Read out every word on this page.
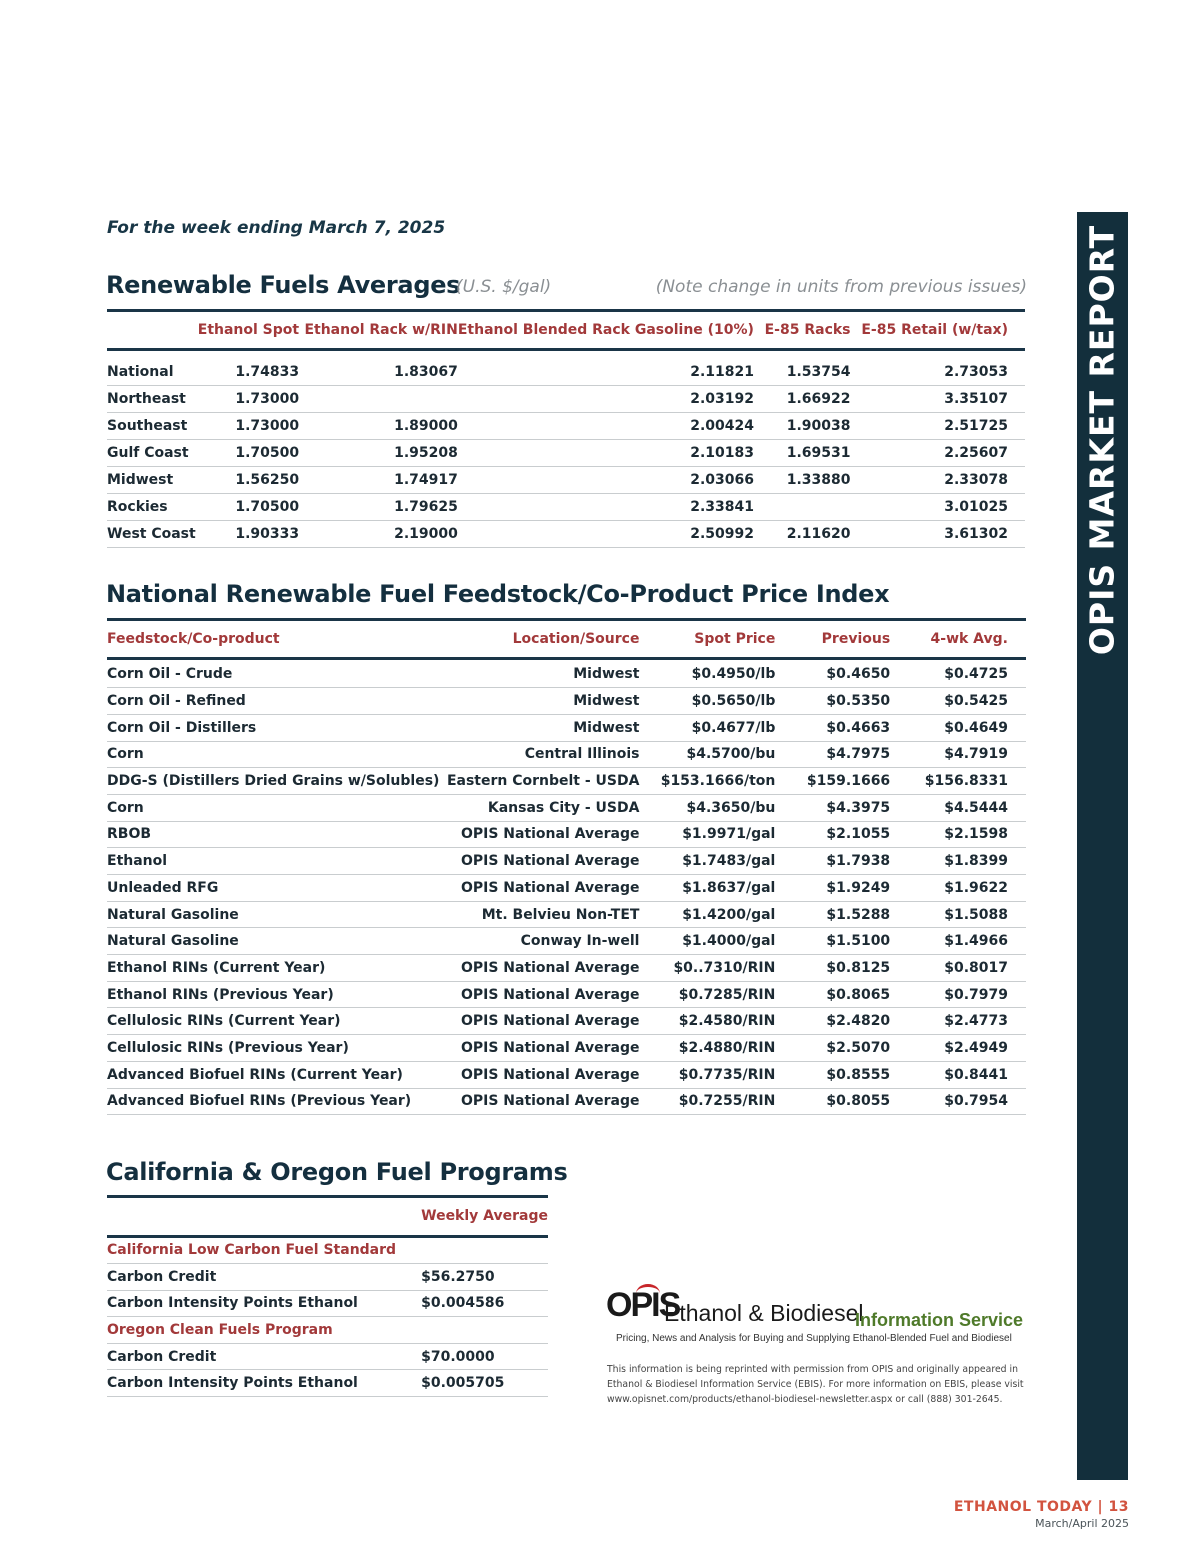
For the week ending March 7, 2025
Renewable Fuels Averages
(U.S. $/gal)	(Note change in units from previous issues)
	Ethanol Spot	Ethanol Rack w/RIN	Ethanol Blended Rack Gasoline (10%)	E-85 Racks	E-85 Retail (w/tax)

National	1.74833	1.83067	2.11821	1.53754	2.73053
Northeast	1.73000		2.03192	1.66922	3.35107
Southeast	1.73000	1.89000	2.00424	1.90038	2.51725
Gulf Coast	1.70500	1.95208	2.10183	1.69531	2.25607
Midwest	1.56250	1.74917	2.03066	1.33880	2.33078
Rockies	1.70500	1.79625	2.33841		3.01025
West Coast	1.90333	2.19000	2.50992	2.11620	3.61302
National Renewable Fuel Feedstock/Co-Product Price Index
Feedstock/Co-product	Location/Source	Spot Price	Previous	4-wk Avg.

Corn Oil - Crude	Midwest	$0.4950/lb	$0.4650	$0.4725
Corn Oil - Refined	Midwest	$0.5650/lb	$0.5350	$0.5425
Corn Oil - Distillers	Midwest	$0.4677/lb	$0.4663	$0.4649
Corn	Central Illinois	$4.5700/bu	$4.7975	$4.7919
DDG-S (Distillers Dried Grains w/Solubles)	Eastern Cornbelt - USDA	$153.1666/ton	$159.1666	$156.8331
Corn	Kansas City - USDA	$4.3650/bu	$4.3975	$4.5444
RBOB	OPIS National Average	$1.9971/gal	$2.1055	$2.1598
Ethanol	OPIS National Average	$1.7483/gal	$1.7938	$1.8399
Unleaded RFG	OPIS National Average	$1.8637/gal	$1.9249	$1.9622
Natural Gasoline	Mt. Belvieu Non-TET	$1.4200/gal	$1.5288	$1.5088
Natural Gasoline	Conway In-well	$1.4000/gal	$1.5100	$1.4966
Ethanol RINs (Current Year)	OPIS National Average	$0..7310/RIN	$0.8125	$0.8017
Ethanol RINs (Previous Year)	OPIS National Average	$0.7285/RIN	$0.8065	$0.7979
Cellulosic RINs (Current Year)	OPIS National Average	$2.4580/RIN	$2.4820	$2.4773
Cellulosic RINs (Previous Year)	OPIS National Average	$2.4880/RIN	$2.5070	$2.4949
Advanced Biofuel RINs (Current Year)	OPIS National Average	$0.7735/RIN	$0.8555	$0.8441
Advanced Biofuel RINs (Previous Year)	OPIS National Average	$0.7255/RIN	$0.8055	$0.7954
California & Oregon Fuel Programs
	Weekly Average
California Low Carbon Fuel Standard	
Carbon Credit	$56.2750
Carbon Intensity Points Ethanol	$0.004586
Oregon Clean Fuels Program	
Carbon Credit	$70.0000
Carbon Intensity Points Ethanol	$0.005705
OPIS
Ethanol & Biodiesel
Information Service
Pricing, News and Analysis for Buying and Supplying Ethanol-Blended Fuel and Biodiesel
This information is being reprinted with permission from OPIS and originally appeared in Ethanol & Biodiesel Information Service (EBIS). For more information on EBIS, please visit www.opisnet.com/products/ethanol-biodiesel-newsletter.aspx or call (888) 301-2645.
OPIS MARKET REPORT
ETHANOL TODAY | 13
March/April 2025
